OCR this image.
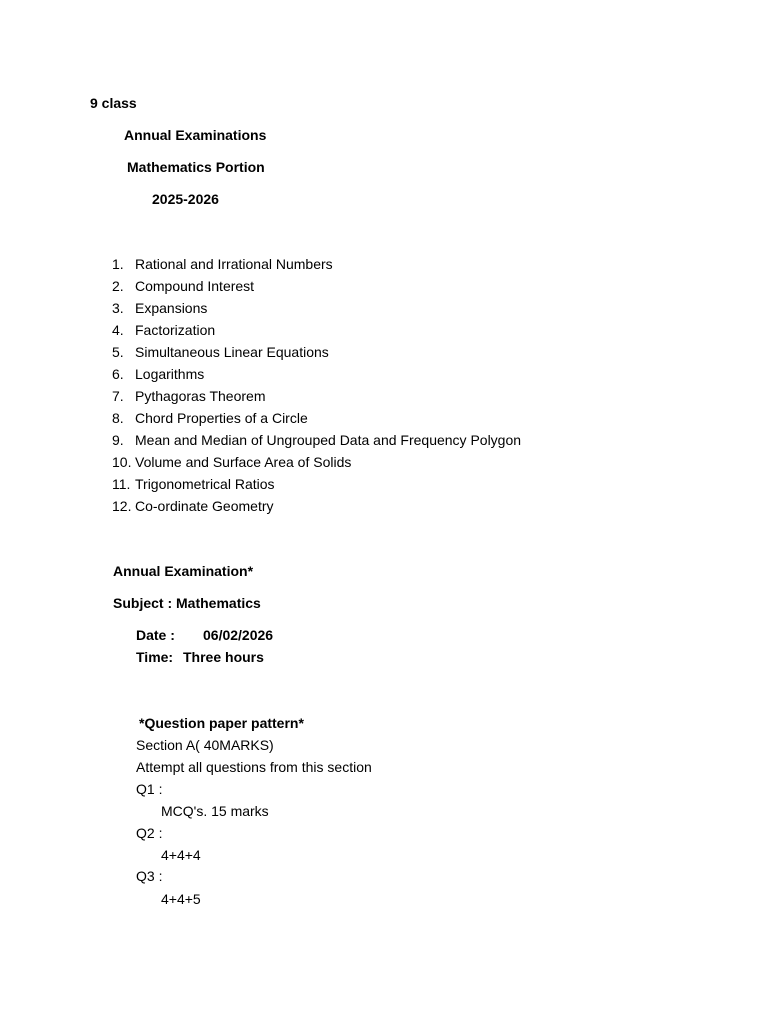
9 class
Annual Examinations
Mathematics Portion
2025-2026
1. Rational and Irrational Numbers
2. Compound Interest
3. Expansions
4. Factorization
5. Simultaneous Linear Equations
6. Logarithms
7. Pythagoras Theorem
8. Chord Properties of a Circle
9. Mean and Median of Ungrouped Data and Frequency Polygon
10. Volume and Surface Area of Solids
11. Trigonometrical Ratios
12. Co-ordinate Geometry
Annual Examination*
Subject : Mathematics
Date : 06/02/2026
Time: Three hours
*Question paper pattern*
Section A( 40MARKS)
Attempt all questions from this section
Q1 :
MCQ's. 15 marks
Q2 :
4+4+4
Q3 :
4+4+5
